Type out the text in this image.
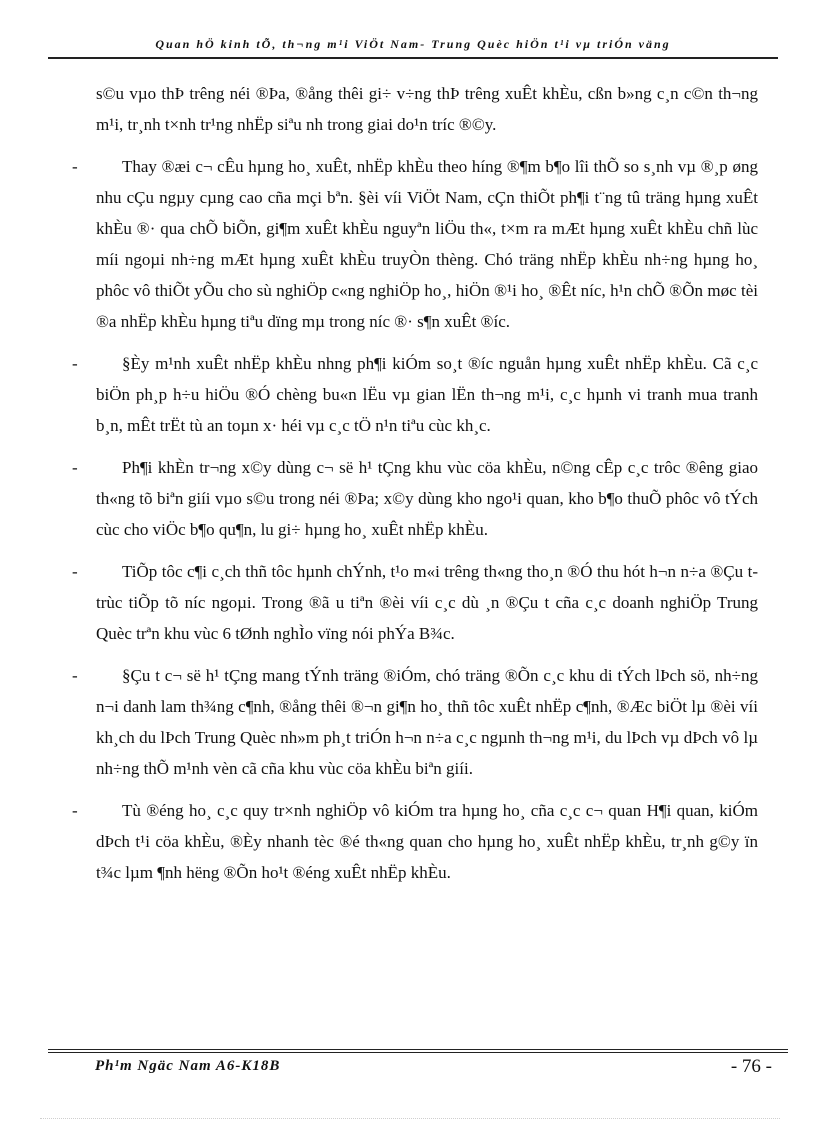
Quan hÖ kinh tÕ, th¬ng m¹i ViÖt Nam- Trung Quèc hiÖn t¹i vµ triÓn väng

s©u vµo thÞ trêng néi ®Þa, ®ång thêi gi÷ v÷ng thÞ trêng xuÊt khÈu, cßn b»ng c¸n c©n th¬ng m¹i, tr¸nh t×nh tr¹ng nhËp siªu nh trong giai do¹n tríc ®©y.

-	Thay ®æi c¬ cÊu hµng ho¸ xuÊt, nhËp khÈu theo híng ®¶m b¶o lîi thÕ so s¸nh vµ ®¸p øng nhu cÇu ngµy cµng cao cña mçi bªn. §èi víi ViÖt Nam, cÇn thiÕt ph¶i t¨ng tû träng hµng xuÊt khÈu ®· qua chÕ biÕn, gi¶m xuÊt khÈu nguyªn liÖu th«, t×m ra mÆt hµng xuÊt khÈu chñ lùc míi ngoµi nh÷ng mÆt hµng xuÊt khÈu truyÒn thèng. Chó träng nhËp khÈu nh÷ng hµng ho¸ phôc vô thiÕt yÕu cho sù nghiÖp c«ng nghiÖp ho¸, hiÖn ®¹i ho¸ ®Êt níc, h¹n chÕ ®Õn møc tèi ®a nhËp khÈu hµng tiªu dïng mµ trong níc ®· s¶n xuÊt ®íc.

-	§Èy m¹nh xuÊt nhËp khÈu nhng ph¶i kiÓm so¸t ®íc nguån hµng xuÊt nhËp khÈu. Cã c¸c biÖn ph¸p h÷u hiÖu ®Ó chèng bu«n lËu vµ gian lËn th¬ng m¹i, c¸c hµnh vi tranh mua tranh b¸n, mÊt trËt tù an toµn x· héi vµ c¸c tÖ n¹n tiªu cùc kh¸c.

-	Ph¶i khÈn tr¬ng x©y dùng c¬ së h¹ tÇng khu vùc cöa khÈu, n©ng cÊp c¸c trôc ®êng giao th«ng tõ biªn giíi vµo s©u trong néi ®Þa; x©y dùng kho ngo¹i quan, kho b¶o thuÕ phôc vô tÝch cùc cho viÖc b¶o qu¶n, lu gi÷ hµng ho¸ xuÊt nhËp khÈu.

-	TiÕp tôc c¶i c¸ch thñ tôc hµnh chÝnh, t¹o m«i trêng th«ng tho¸n ®Ó thu hót h¬n n÷a ®Çu t trùc tiÕp tõ níc ngoµi. Trong ®ã u tiªn ®èi víi c¸c dù ¸n ®Çu t cña c¸c doanh nghiÖp Trung Quèc trªn khu vùc 6 tØnh nghÌo vïng nói phÝa B¾c.

-	§Çu t c¬ së h¹ tÇng mang tÝnh träng ®iÓm, chó träng ®Õn c¸c khu di tÝch lÞch sö, nh÷ng n¬i danh lam th¾ng c¶nh, ®ång thêi ®¬n gi¶n ho¸ thñ tôc xuÊt nhËp c¶nh, ®Æc biÖt lµ ®èi víi kh¸ch du lÞch Trung Quèc nh»m ph¸t triÓn h¬n n÷a c¸c ngµnh th¬ng m¹i, du lÞch vµ dÞch vô lµ nh÷ng thÕ m¹nh vèn cã cña khu vùc cöa khÈu biªn giíi.

-	Tù ®éng ho¸ c¸c quy tr×nh nghiÖp vô kiÓm tra hµng ho¸ cña c¸c c¬ quan H¶i quan, kiÓm dÞch t¹i cöa khÈu, ®Èy nhanh tèc ®é th«ng quan cho hµng ho¸ xuÊt nhËp khÈu, tr¸nh g©y ïn t¾c lµm ¶nh hëng ®Õn ho¹t ®éng xuÊt nhËp khÈu.

Ph¹m Ngäc Nam A6-K18B	- 76 -
